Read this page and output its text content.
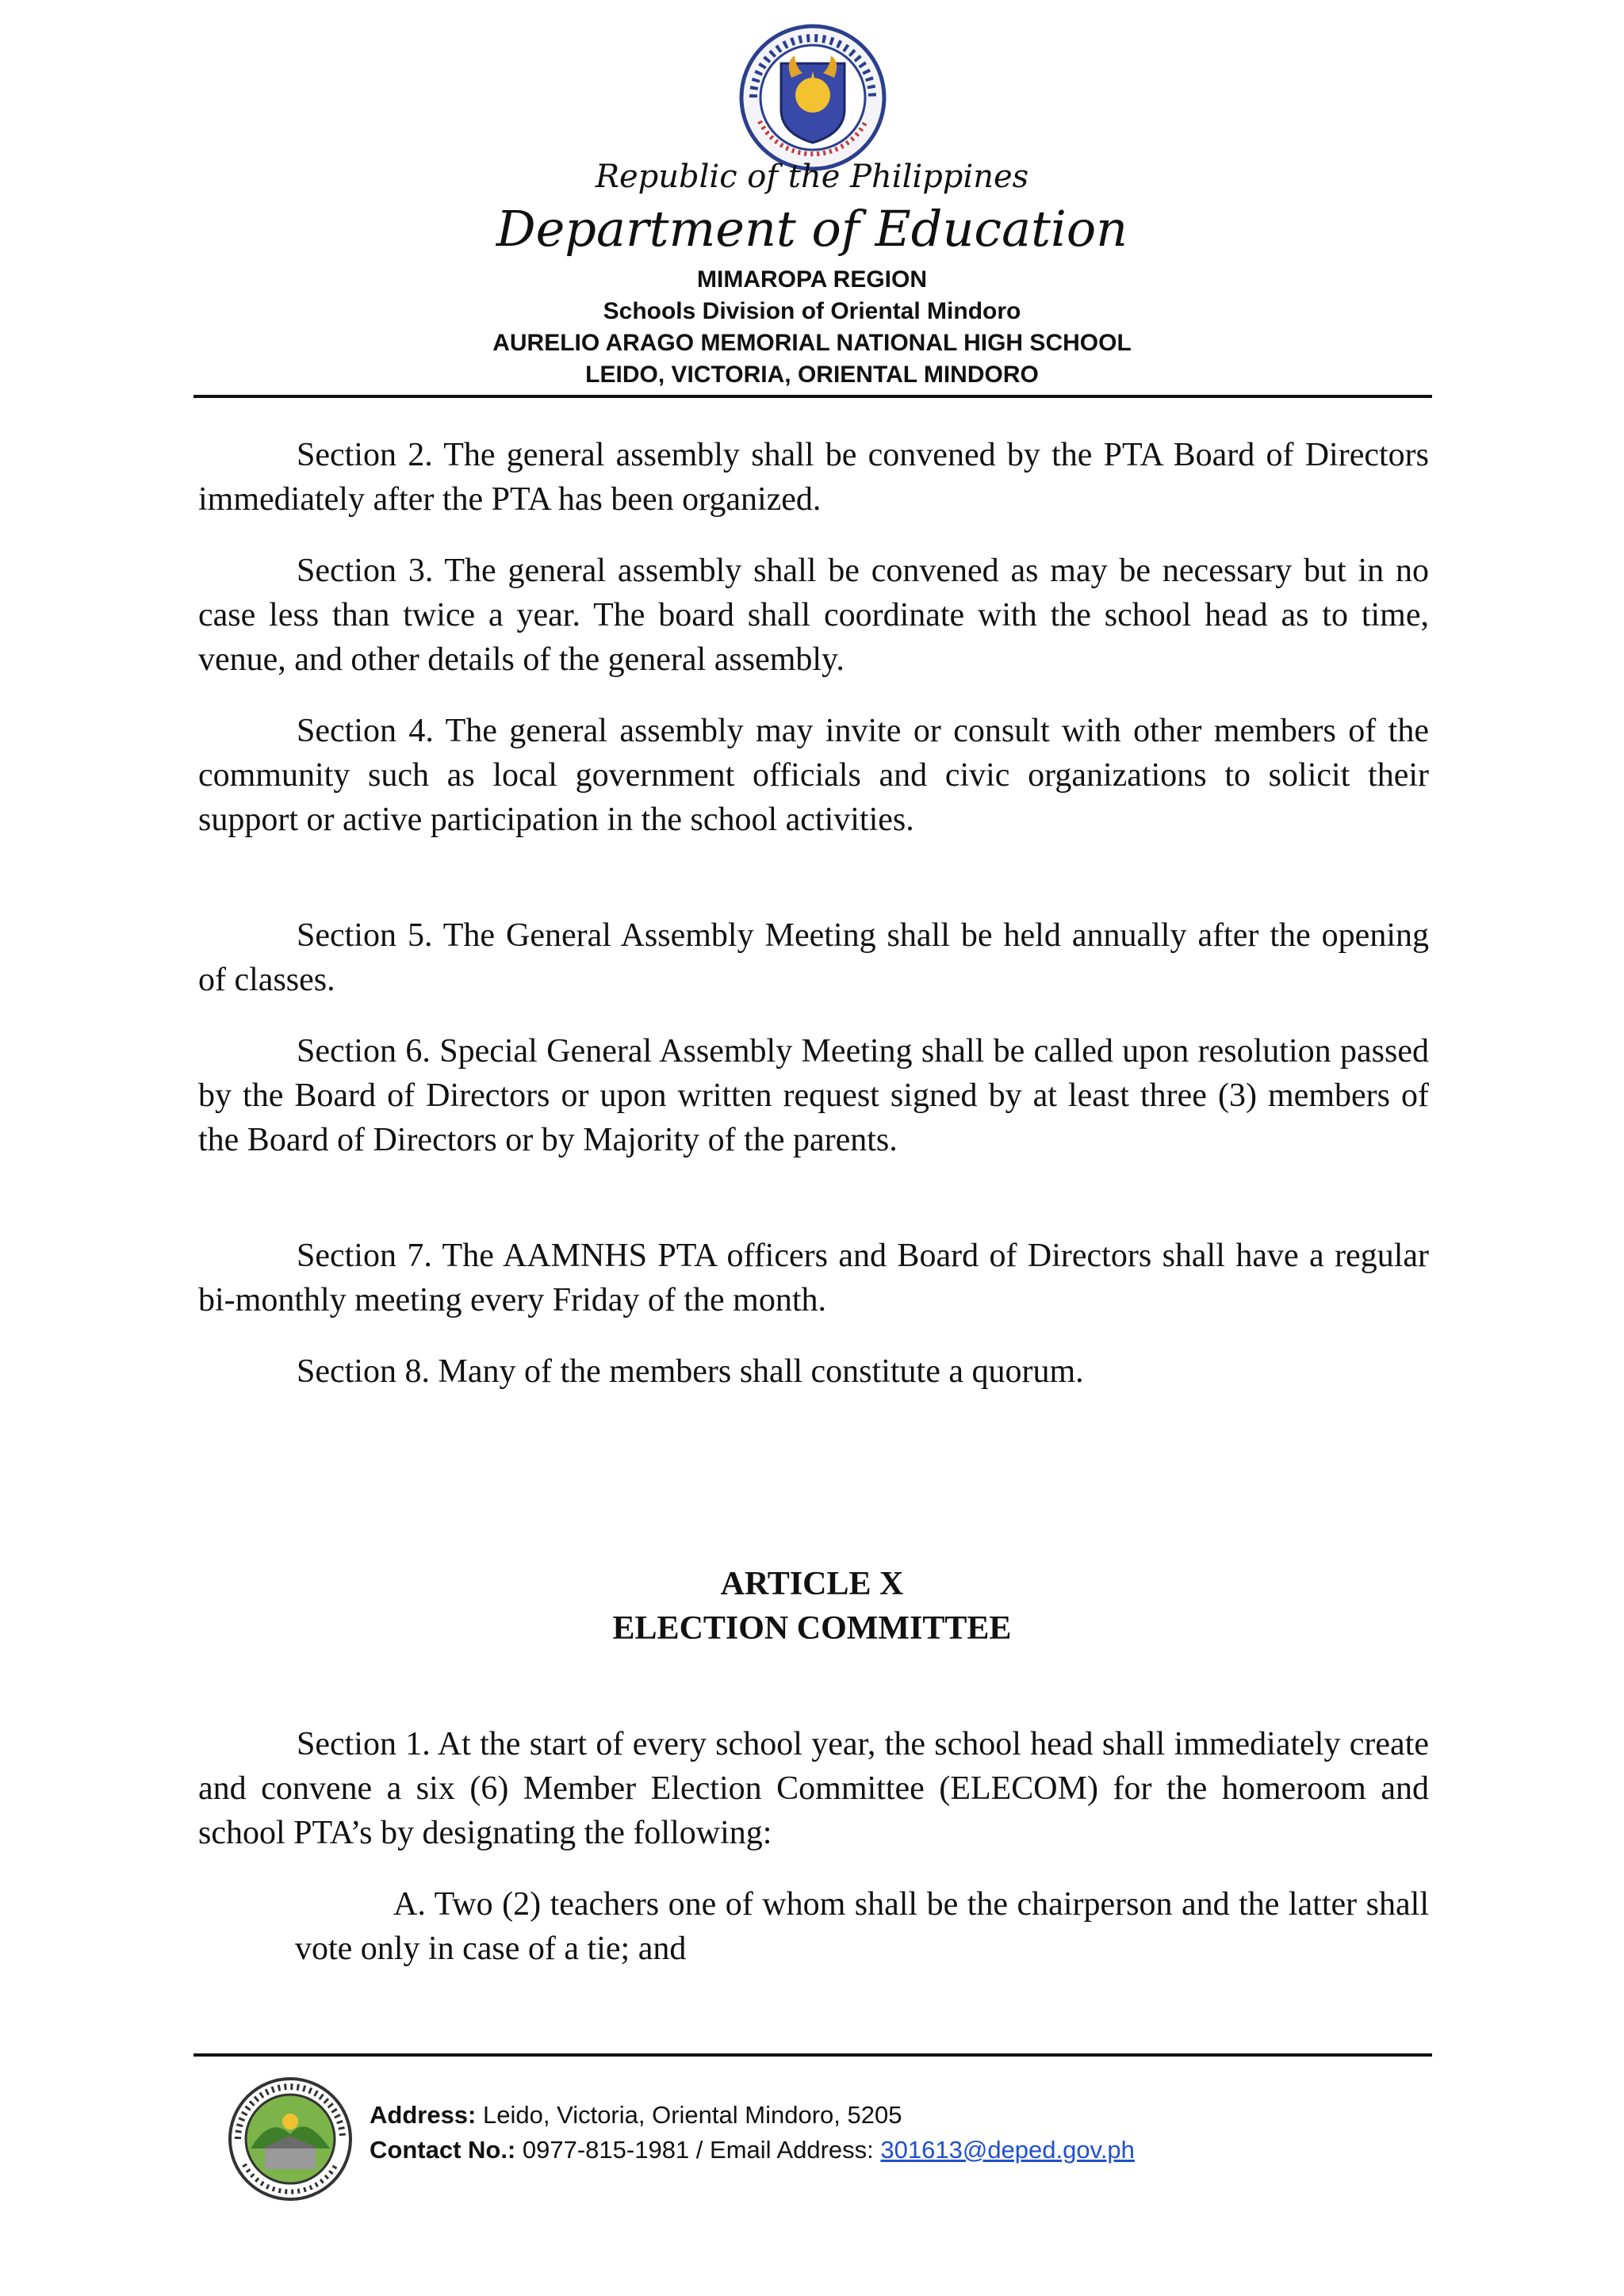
Republic of the Philippines
Department of Education
MIMAROPA REGION
Schools Division of Oriental Mindoro
AURELIO ARAGO MEMORIAL NATIONAL HIGH SCHOOL
LEIDO, VICTORIA, ORIENTAL MINDORO
Section 2. The general assembly shall be convened by the PTA Board of Directors immediately after the PTA has been organized.
Section 3. The general assembly shall be convened as may be necessary but in no case less than twice a year. The board shall coordinate with the school head as to time, venue, and other details of the general assembly.
Section 4. The general assembly may invite or consult with other members of the community such as local government officials and civic organizations to solicit their support or active participation in the school activities.
Section 5. The General Assembly Meeting shall be held annually after the opening of classes.
Section 6. Special General Assembly Meeting shall be called upon resolution passed by the Board of Directors or upon written request signed by at least three (3) members of the Board of Directors or by Majority of the parents.
Section 7. The AAMNHS PTA officers and Board of Directors shall have a regular bi-monthly meeting every Friday of the month.
Section 8. Many of the members shall constitute a quorum.
ARTICLE X
ELECTION COMMITTEE
Section 1. At the start of every school year, the school head shall immediately create and convene a six (6) Member Election Committee (ELECOM) for the homeroom and school PTA’s by designating the following:
A. Two (2) teachers one of whom shall be the chairperson and the latter shall vote only in case of a tie; and
Address: Leido, Victoria, Oriental Mindoro, 5205
Contact No.: 0977-815-1981 / Email Address: 301613@deped.gov.ph
